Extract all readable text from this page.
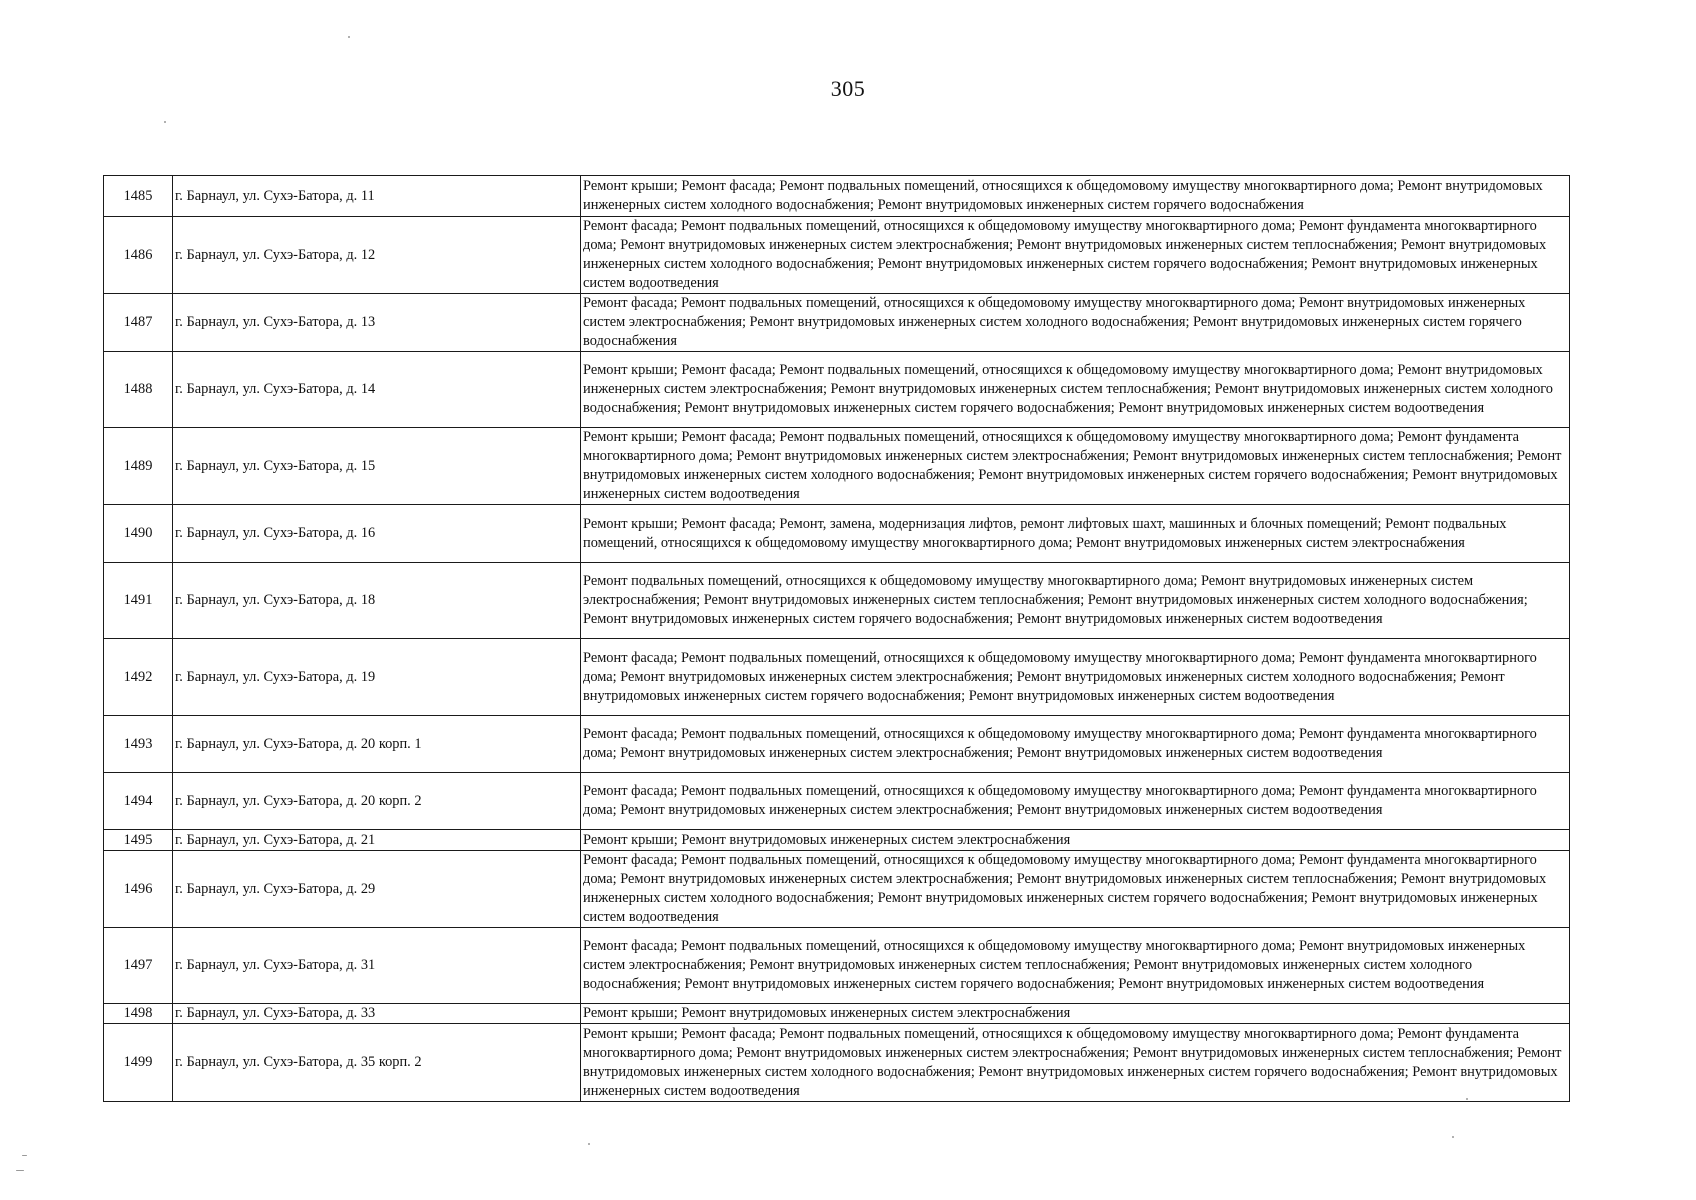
305
1485	г. Барнаул, ул. Сухэ-Батора, д. 11	Ремонт крыши; Ремонт фасада; Ремонт подвальных помещений, относящихся к общедомовому имуществу многоквартирного дома; Ремонт внутридомовых инженерных систем холодного водоснабжения; Ремонт внутридомовых инженерных систем горячего водоснабжения
1486	г. Барнаул, ул. Сухэ-Батора, д. 12	Ремонт фасада; Ремонт подвальных помещений, относящихся к общедомовому имуществу многоквартирного дома; Ремонт фундамента многоквартирного дома; Ремонт внутридомовых инженерных систем электроснабжения; Ремонт внутридомовых инженерных систем теплоснабжения; Ремонт внутридомовых инженерных систем холодного водоснабжения; Ремонт внутридомовых инженерных систем горячего водоснабжения; Ремонт внутридомовых инженерных систем водоотведения
1487	г. Барнаул, ул. Сухэ-Батора, д. 13	Ремонт фасада; Ремонт подвальных помещений, относящихся к общедомовому имуществу многоквартирного дома; Ремонт внутридомовых инженерных систем электроснабжения; Ремонт внутридомовых инженерных систем холодного водоснабжения; Ремонт внутридомовых инженерных систем горячего водоснабжения
1488	г. Барнаул, ул. Сухэ-Батора, д. 14	Ремонт крыши; Ремонт фасада; Ремонт подвальных помещений, относящихся к общедомовому имуществу многоквартирного дома; Ремонт внутридомовых инженерных систем электроснабжения; Ремонт внутридомовых инженерных систем теплоснабжения; Ремонт внутридомовых инженерных систем холодного водоснабжения; Ремонт внутридомовых инженерных систем горячего водоснабжения; Ремонт внутридомовых инженерных систем водоотведения
1489	г. Барнаул, ул. Сухэ-Батора, д. 15	Ремонт крыши; Ремонт фасада; Ремонт подвальных помещений, относящихся к общедомовому имуществу многоквартирного дома; Ремонт фундамента многоквартирного дома; Ремонт внутридомовых инженерных систем электроснабжения; Ремонт внутридомовых инженерных систем теплоснабжения; Ремонт внутридомовых инженерных систем холодного водоснабжения; Ремонт внутридомовых инженерных систем горячего водоснабжения; Ремонт внутридомовых инженерных систем водоотведения
1490	г. Барнаул, ул. Сухэ-Батора, д. 16	Ремонт крыши; Ремонт фасада; Ремонт, замена, модернизация лифтов, ремонт лифтовых шахт, машинных и блочных помещений; Ремонт подвальных помещений, относящихся к общедомовому имуществу многоквартирного дома; Ремонт внутридомовых инженерных систем электроснабжения
1491	г. Барнаул, ул. Сухэ-Батора, д. 18	Ремонт подвальных помещений, относящихся к общедомовому имуществу многоквартирного дома; Ремонт внутридомовых инженерных систем электроснабжения; Ремонт внутридомовых инженерных систем теплоснабжения; Ремонт внутридомовых инженерных систем холодного водоснабжения; Ремонт внутридомовых инженерных систем горячего водоснабжения; Ремонт внутридомовых инженерных систем водоотведения
1492	г. Барнаул, ул. Сухэ-Батора, д. 19	Ремонт фасада; Ремонт подвальных помещений, относящихся к общедомовому имуществу многоквартирного дома; Ремонт фундамента многоквартирного дома; Ремонт внутридомовых инженерных систем электроснабжения; Ремонт внутридомовых инженерных систем холодного водоснабжения; Ремонт внутридомовых инженерных систем горячего водоснабжения; Ремонт внутридомовых инженерных систем водоотведения
1493	г. Барнаул, ул. Сухэ-Батора, д. 20 корп. 1	Ремонт фасада; Ремонт подвальных помещений, относящихся к общедомовому имуществу многоквартирного дома; Ремонт фундамента многоквартирного дома; Ремонт внутридомовых инженерных систем электроснабжения; Ремонт внутридомовых инженерных систем водоотведения
1494	г. Барнаул, ул. Сухэ-Батора, д. 20 корп. 2	Ремонт фасада; Ремонт подвальных помещений, относящихся к общедомовому имуществу многоквартирного дома; Ремонт фундамента многоквартирного дома; Ремонт внутридомовых инженерных систем электроснабжения; Ремонт внутридомовых инженерных систем водоотведения
1495	г. Барнаул, ул. Сухэ-Батора, д. 21	Ремонт крыши; Ремонт внутридомовых инженерных систем электроснабжения
1496	г. Барнаул, ул. Сухэ-Батора, д. 29	Ремонт фасада; Ремонт подвальных помещений, относящихся к общедомовому имуществу многоквартирного дома; Ремонт фундамента многоквартирного дома; Ремонт внутридомовых инженерных систем электроснабжения; Ремонт внутридомовых инженерных систем теплоснабжения; Ремонт внутридомовых инженерных систем холодного водоснабжения; Ремонт внутридомовых инженерных систем горячего водоснабжения; Ремонт внутридомовых инженерных систем водоотведения
1497	г. Барнаул, ул. Сухэ-Батора, д. 31	Ремонт фасада; Ремонт подвальных помещений, относящихся к общедомовому имуществу многоквартирного дома; Ремонт внутридомовых инженерных систем электроснабжения; Ремонт внутридомовых инженерных систем теплоснабжения; Ремонт внутридомовых инженерных систем холодного водоснабжения; Ремонт внутридомовых инженерных систем горячего водоснабжения; Ремонт внутридомовых инженерных систем водоотведения
1498	г. Барнаул, ул. Сухэ-Батора, д. 33	Ремонт крыши; Ремонт внутридомовых инженерных систем электроснабжения
1499	г. Барнаул, ул. Сухэ-Батора, д. 35 корп. 2	Ремонт крыши; Ремонт фасада; Ремонт подвальных помещений, относящихся к общедомовому имуществу многоквартирного дома; Ремонт фундамента многоквартирного дома; Ремонт внутридомовых инженерных систем электроснабжения; Ремонт внутридомовых инженерных систем теплоснабжения; Ремонт внутридомовых инженерных систем холодного водоснабжения; Ремонт внутридомовых инженерных систем горячего водоснабжения; Ремонт внутридомовых инженерных систем водоотведения
